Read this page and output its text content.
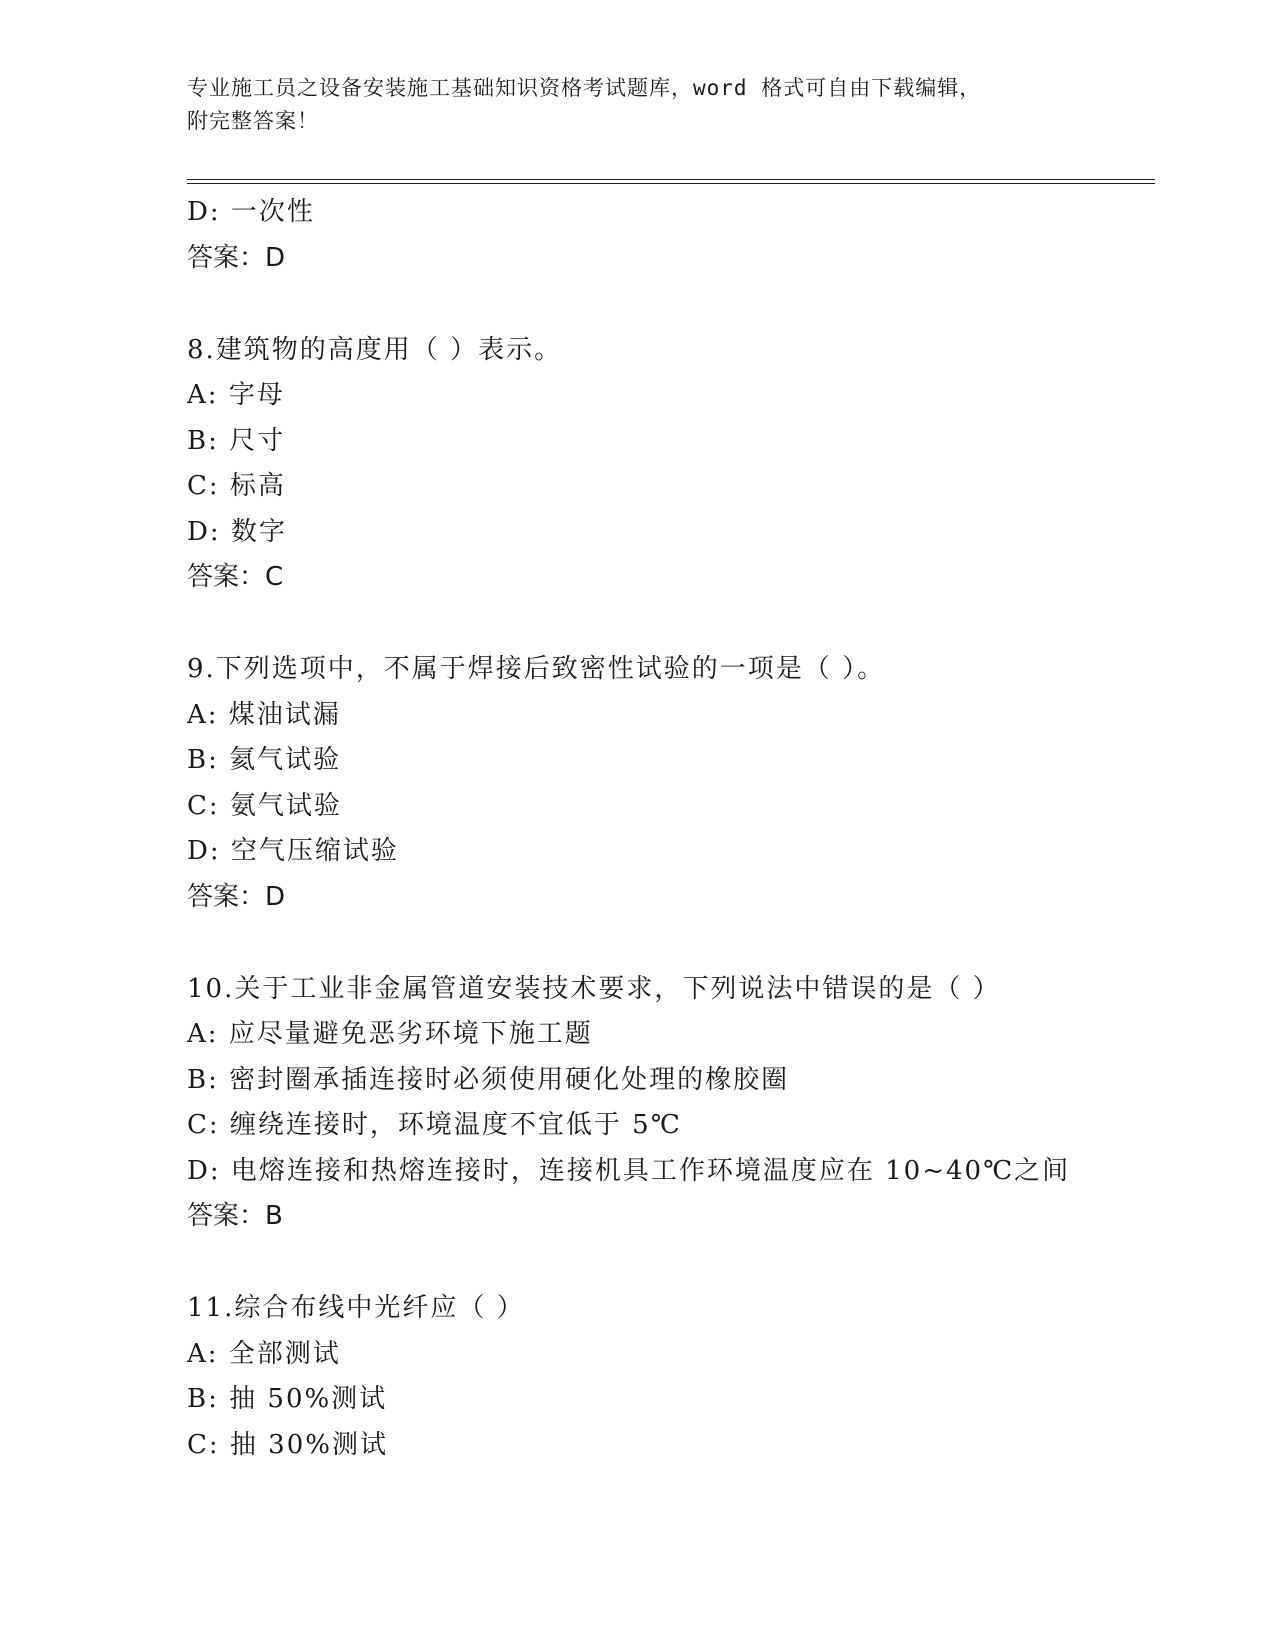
专业施工员之设备安装施工基础知识资格考试题库，word 格式可自由下载编辑，
附完整答案！
D: 一次性
答案：D
8.建筑物的高度用（ ）表示。
A: 字母
B: 尺寸
C: 标高
D: 数字
答案：C
9.下列选项中，不属于焊接后致密性试验的一项是（ ）。
A: 煤油试漏
B: 氦气试验
C: 氨气试验
D: 空气压缩试验
答案：D
10.关于工业非金属管道安装技术要求，下列说法中错误的是（ ）
A: 应尽量避免恶劣环境下施工题
B: 密封圈承插连接时必须使用硬化处理的橡胶圈
C: 缠绕连接时，环境温度不宜低于 5℃
D: 电熔连接和热熔连接时，连接机具工作环境温度应在 10~40℃之间
答案：B
11.综合布线中光纤应（ ）
A: 全部测试
B: 抽 50%测试
C: 抽 30%测试
